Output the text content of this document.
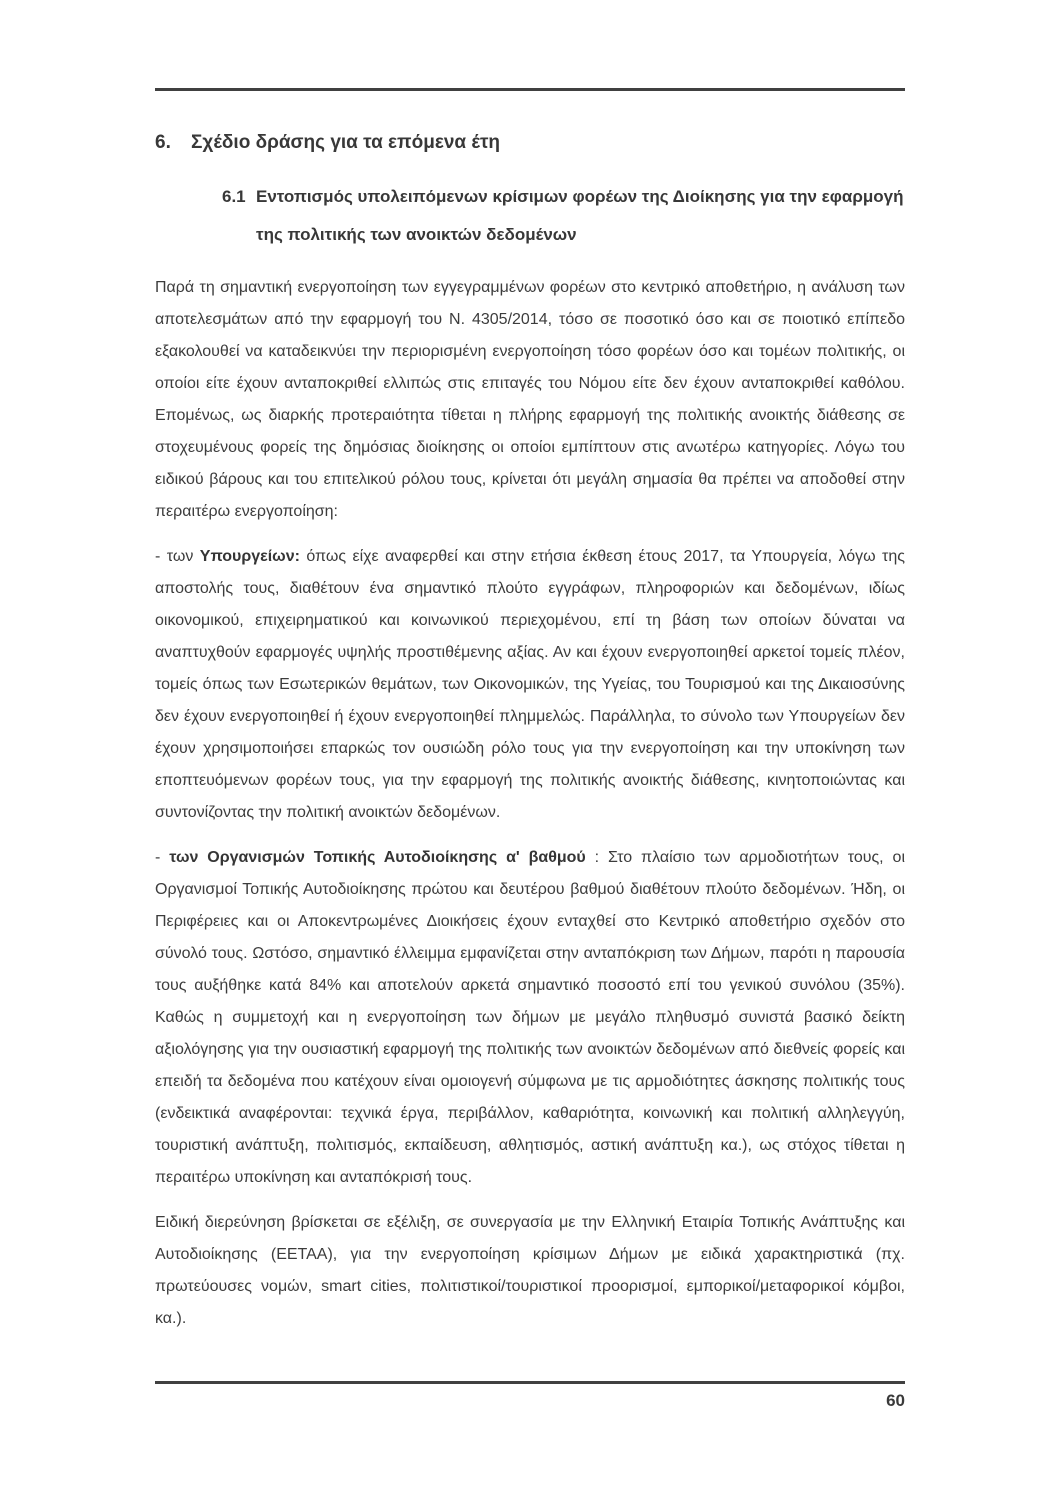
6.	Σχέδιο δράσης για τα επόμενα έτη
6.1 Εντοπισμός υπολειπόμενων κρίσιμων φορέων της Διοίκησης για την εφαρμογή της πολιτικής των ανοικτών δεδομένων

Παρά τη σημαντική ενεργοποίηση των εγγεγραμμένων φορέων στο κεντρικό αποθετήριο, η ανάλυση των αποτελεσμάτων από την εφαρμογή του Ν. 4305/2014, τόσο σε ποσοτικό όσο και σε ποιοτικό επίπεδο εξακολουθεί να καταδεικνύει την περιορισμένη ενεργοποίηση τόσο φορέων όσο και τομέων πολιτικής, οι οποίοι είτε έχουν ανταποκριθεί ελλιπώς στις επιταγές του Νόμου είτε δεν έχουν ανταποκριθεί καθόλου. Επομένως, ως διαρκής προτεραιότητα τίθεται η πλήρης εφαρμογή της πολιτικής ανοικτής διάθεσης σε στοχευμένους φορείς της δημόσιας διοίκησης οι οποίοι εμπίπτουν στις ανωτέρω κατηγορίες. Λόγω του ειδικού βάρους και του επιτελικού ρόλου τους, κρίνεται ότι μεγάλη σημασία θα πρέπει να αποδοθεί στην περαιτέρω ενεργοποίηση:

- των Υπουργείων: όπως είχε αναφερθεί και στην ετήσια έκθεση έτους 2017, τα Υπουργεία, λόγω της αποστολής τους, διαθέτουν ένα σημαντικό πλούτο εγγράφων, πληροφοριών και δεδομένων, ιδίως οικονομικού, επιχειρηματικού και κοινωνικού περιεχομένου, επί τη βάση των οποίων δύναται να αναπτυχθούν εφαρμογές υψηλής προστιθέμενης αξίας. Αν και έχουν ενεργοποιηθεί αρκετοί τομείς πλέον, τομείς όπως των Εσωτερικών θεμάτων, των Οικονομικών, της Υγείας, του Τουρισμού και της Δικαιοσύνης δεν έχουν ενεργοποιηθεί ή έχουν ενεργοποιηθεί πλημμελώς. Παράλληλα, το σύνολο των Υπουργείων δεν έχουν χρησιμοποιήσει επαρκώς τον ουσιώδη ρόλο τους για την ενεργοποίηση και την υποκίνηση των εποπτευόμενων φορέων τους, για την εφαρμογή της πολιτικής ανοικτής διάθεσης, κινητοποιώντας και συντονίζοντας την πολιτική ανοικτών δεδομένων.

- των Οργανισμών Τοπικής Αυτοδιοίκησης α' βαθμού : Στο πλαίσιο των αρμοδιοτήτων τους, οι Οργανισμοί Τοπικής Αυτοδιοίκησης πρώτου και δευτέρου βαθμού διαθέτουν πλούτο δεδομένων. Ήδη, οι Περιφέρειες και οι Αποκεντρωμένες Διοικήσεις έχουν ενταχθεί στο Κεντρικό αποθετήριο σχεδόν στο σύνολό τους. Ωστόσο, σημαντικό έλλειμμα εμφανίζεται στην ανταπόκριση των Δήμων, παρότι η παρουσία τους αυξήθηκε κατά 84% και αποτελούν αρκετά σημαντικό ποσοστό επί του γενικού συνόλου (35%). Καθώς η συμμετοχή και η ενεργοποίηση των δήμων με μεγάλο πληθυσμό συνιστά βασικό δείκτη αξιολόγησης για την ουσιαστική εφαρμογή της πολιτικής των ανοικτών δεδομένων από διεθνείς φορείς και επειδή τα δεδομένα που κατέχουν είναι ομοιογενή σύμφωνα με τις αρμοδιότητες άσκησης πολιτικής τους (ενδεικτικά αναφέρονται: τεχνικά έργα, περιβάλλον, καθαριότητα, κοινωνική και πολιτική αλληλεγγύη, τουριστική ανάπτυξη, πολιτισμός, εκπαίδευση, αθλητισμός, αστική ανάπτυξη κα.), ως στόχος τίθεται η περαιτέρω υποκίνηση και ανταπόκρισή τους.

Ειδική διερεύνηση βρίσκεται σε εξέλιξη, σε συνεργασία με την Ελληνική Εταιρία Τοπικής Ανάπτυξης και Αυτοδιοίκησης (ΕΕΤΑΑ), για την ενεργοποίηση κρίσιμων Δήμων με ειδικά χαρακτηριστικά (πχ. πρωτεύουσες νομών, smart cities, πολιτιστικοί/τουριστικοί προορισμοί, εμπορικοί/μεταφορικοί κόμβοι, κα.).

60
